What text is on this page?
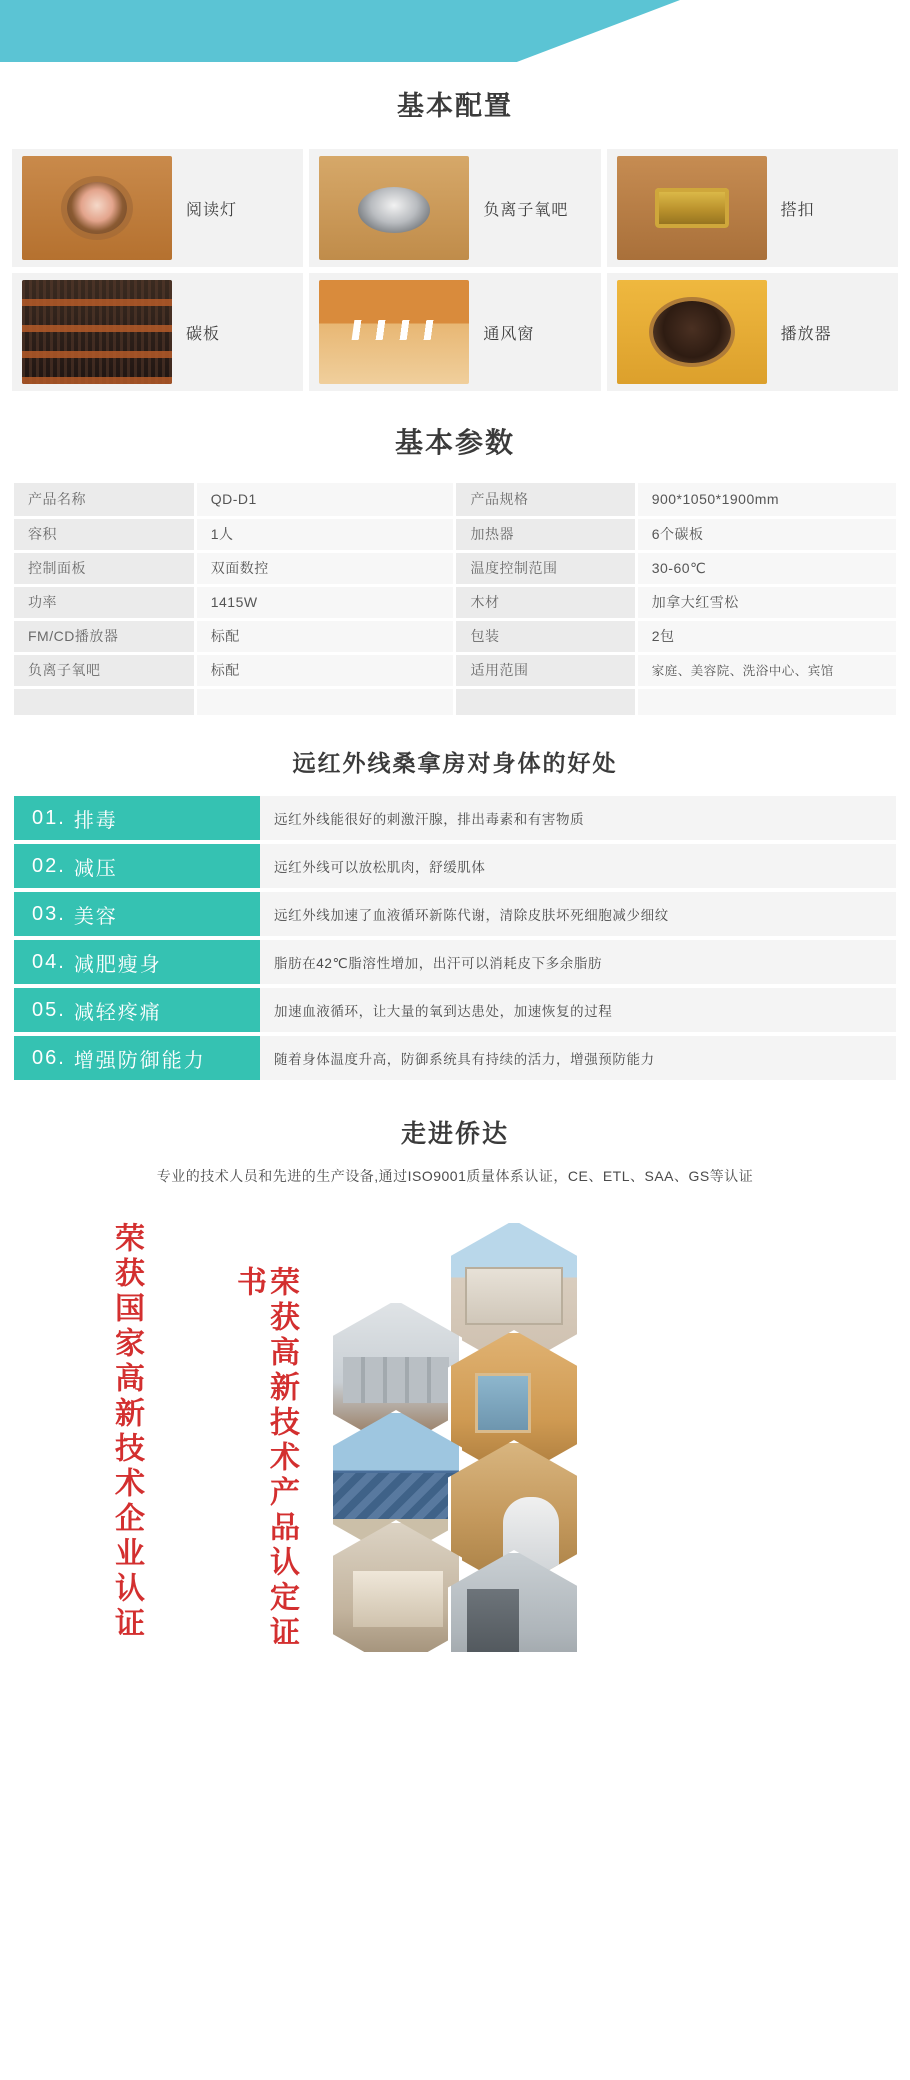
基本配置
阅读灯	负离子氧吧	搭扣
碳板	通风窗	播放器
基本参数
产品名称	QD-D1	产品规格	900*1050*1900mm
容积	1人	加热器	6个碳板
控制面板	双面数控	温度控制范围	30-60℃
功率	1415W	木材	加拿大红雪松
FM/CD播放器	标配	包装	2包
负离子氧吧	标配	适用范围	家庭、美容院、洗浴中心、宾馆

远红外线桑拿房对身体的好处
01. 排毒	远红外线能很好的刺激汗腺，排出毒素和有害物质
02. 减压	远红外线可以放松肌肉，舒缓肌体
03. 美容	远红外线加速了血液循环新陈代谢，清除皮肤坏死细胞减少细纹
04. 减肥瘦身	脂肪在42℃脂溶性增加，出汗可以消耗皮下多余脂肪
05. 减轻疼痛	加速血液循环，让大量的氧到达患处，加速恢复的过程
06. 增强防御能力	随着身体温度升高，防御系统具有持续的活力，增强预防能力
走进侨达
专业的技术人员和先进的生产设备,通过ISO9001质量体系认证，CE、ETL、SAA、GS等认证
荣获国家高新技术企业认证	荣获高新技术产品认定证书
